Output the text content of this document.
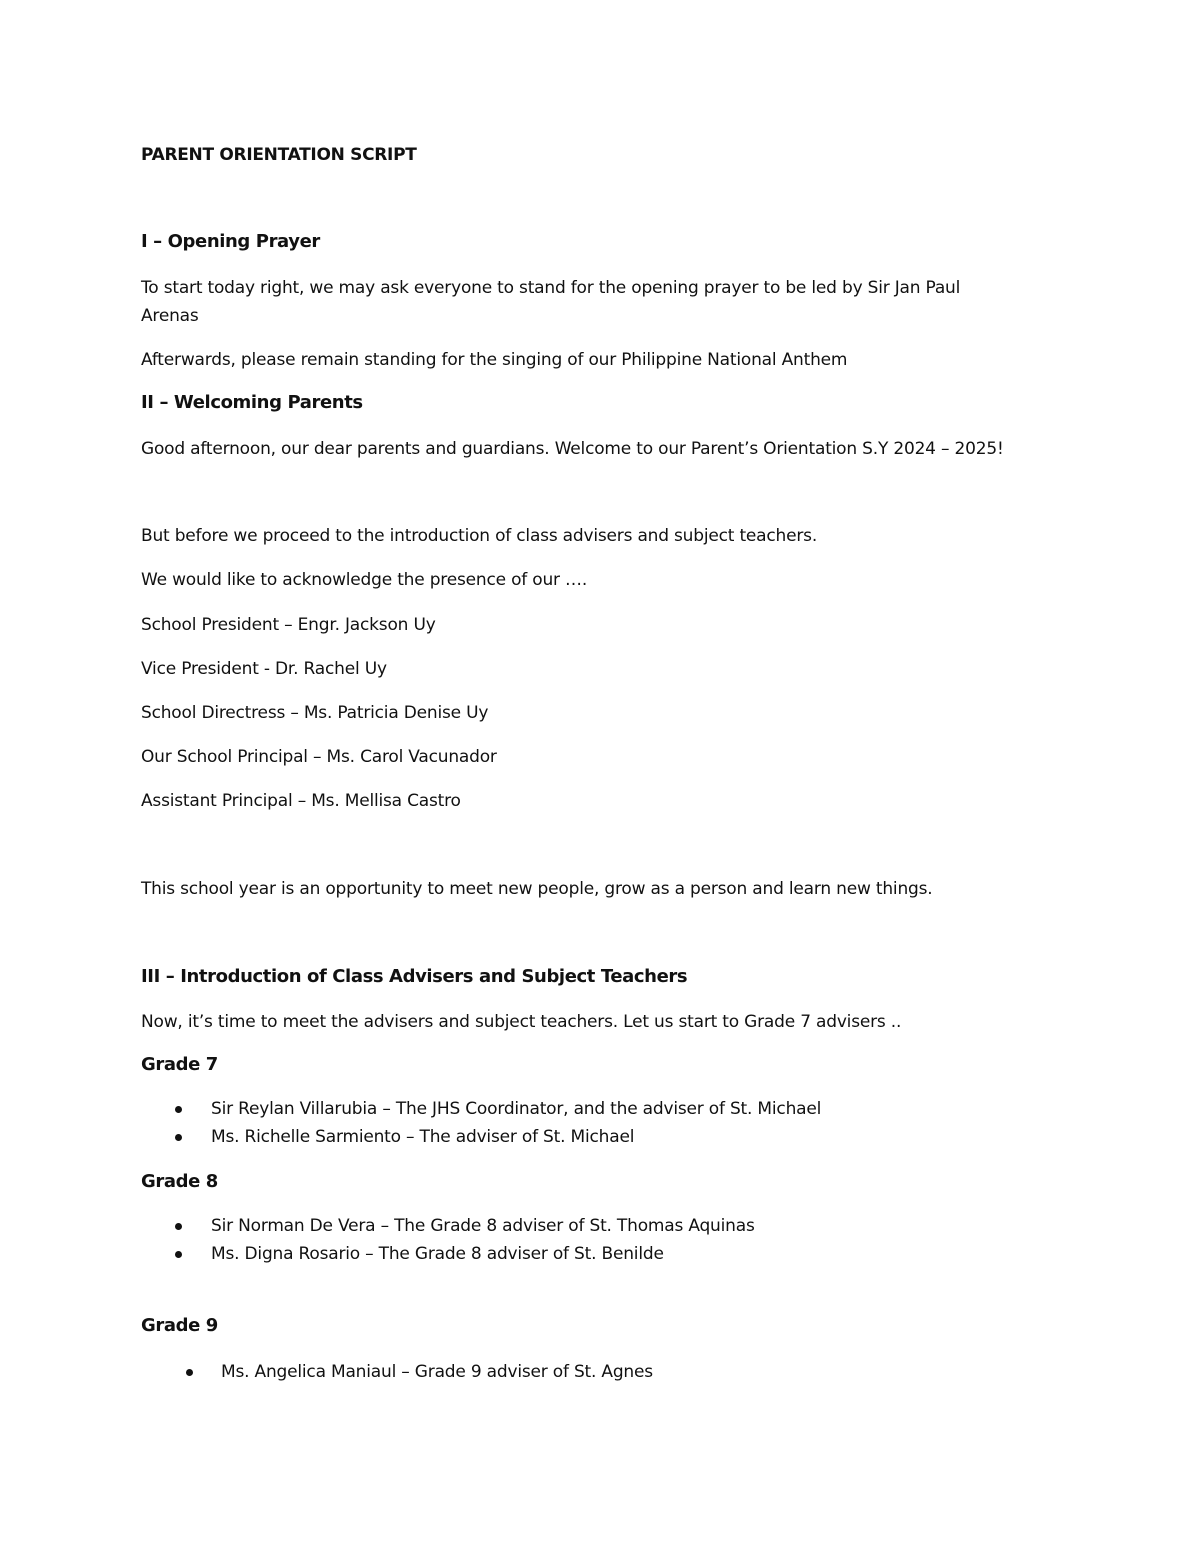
PARENT ORIENTATION SCRIPT
I – Opening Prayer
To start today right, we may ask everyone to stand for the opening prayer to be led by Sir Jan Paul
Arenas
Afterwards, please remain standing for the singing of our Philippine National Anthem
II – Welcoming Parents
Good afternoon, our dear parents and guardians. Welcome to our Parent’s Orientation S.Y 2024 – 2025!
But before we proceed to the introduction of class advisers and subject teachers.
We would like to acknowledge the presence of our ….
School President – Engr. Jackson Uy
Vice President - Dr. Rachel Uy
School Directress – Ms. Patricia Denise Uy
Our School Principal – Ms. Carol Vacunador
Assistant Principal – Ms. Mellisa Castro
This school year is an opportunity to meet new people, grow as a person and learn new things.
III – Introduction of Class Advisers and Subject Teachers
Now, it’s time to meet the advisers and subject teachers. Let us start to Grade 7 advisers ..
Grade 7
Sir Reylan Villarubia – The JHS Coordinator, and the adviser of St. Michael
Ms. Richelle Sarmiento – The adviser of St. Michael
Grade 8
Sir Norman De Vera – The Grade 8 adviser of St. Thomas Aquinas
Ms. Digna Rosario – The Grade 8 adviser of St. Benilde
Grade 9
Ms. Angelica Maniaul – Grade 9 adviser of St. Agnes
